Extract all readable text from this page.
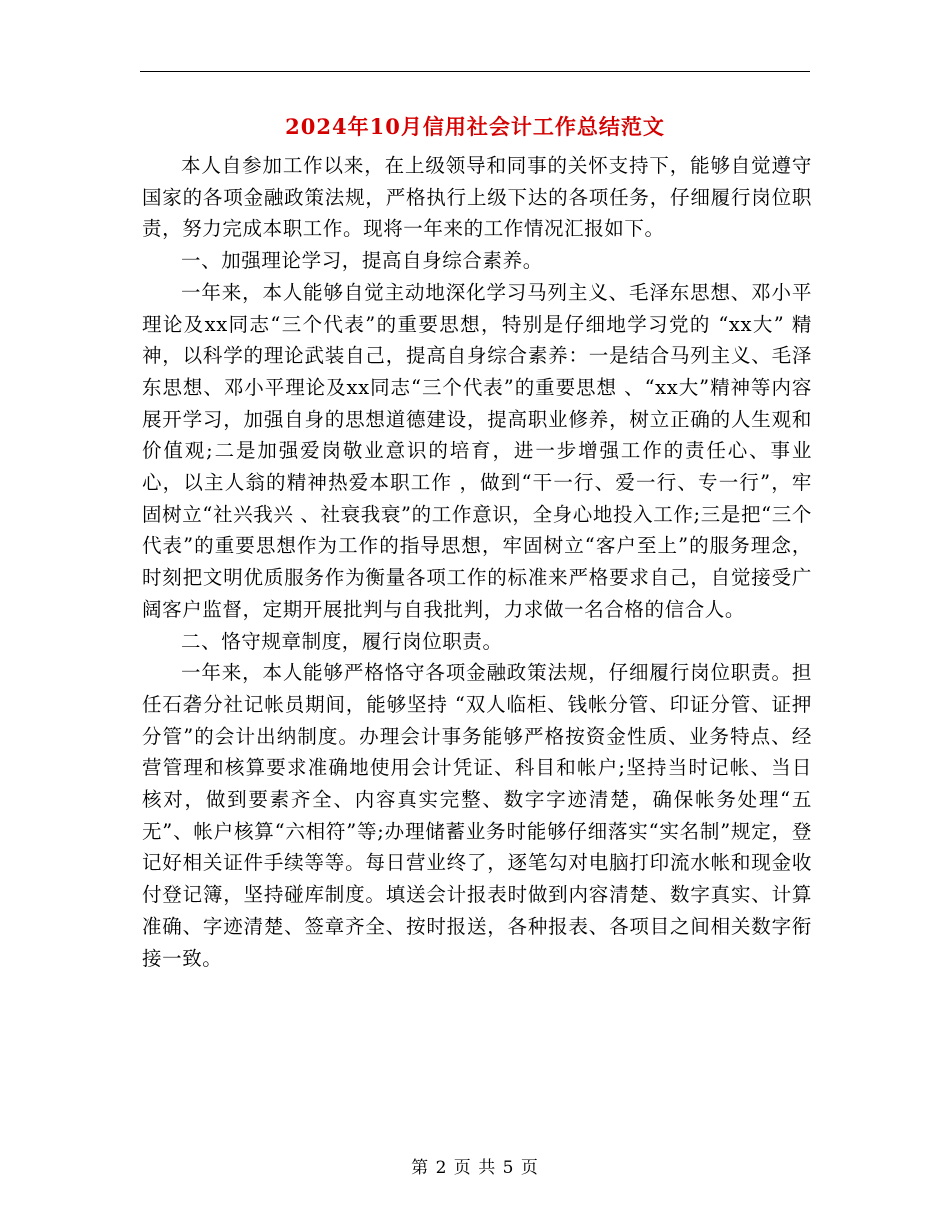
2024年10月信用社会计工作总结范文

本人自参加工作以来，在上级领导和同事的关怀支持下，能够自觉遵守国家的各项金融政策法规，严格执行上级下达的各项任务，仔细履行岗位职责，努力完成本职工作。现将一年来的工作情况汇报如下。

一、加强理论学习，提高自身综合素养。

一年来，本人能够自觉主动地深化学习马列主义、毛泽东思想、邓小平理论及xx同志“三个代表”的重要思想，特别是仔细地学习党的 “xx大” 精神，以科学的理论武装自己，提高自身综合素养：一是结合马列主义、毛泽东思想、邓小平理论及xx同志“三个代表”的重要思想 、“xx大”精神等内容展开学习，加强自身的思想道德建设，提高职业修养，树立正确的人生观和价值观;二是加强爱岗敬业意识的培育，进一步增强工作的责任心、事业心，以主人翁的精神热爱本职工作 ，做到“干一行、爱一行、专一行”，牢固树立“社兴我兴 、社衰我衰”的工作意识，全身心地投入工作;三是把“三个代表”的重要思想作为工作的指导思想，牢固树立“客户至上”的服务理念，时刻把文明优质服务作为衡量各项工作的标准来严格要求自己，自觉接受广阔客户监督，定期开展批判与自我批判，力求做一名合格的信合人。

二、恪守规章制度，履行岗位职责。

一年来，本人能够严格恪守各项金融政策法规，仔细履行岗位职责。担任石砻分社记帐员期间，能够坚持 “双人临柜、钱帐分管、印证分管、证押分管”的会计出纳制度。办理会计事务能够严格按资金性质、业务特点、经营管理和核算要求准确地使用会计凭证、科目和帐户;坚持当时记帐、当日核对，做到要素齐全、内容真实完整、数字字迹清楚，确保帐务处理“五无”、帐户核算“六相符”等;办理储蓄业务时能够仔细落实“实名制”规定，登记好相关证件手续等等。每日营业终了，逐笔勾对电脑打印流水帐和现金收付登记簿，坚持碰库制度。填送会计报表时做到内容清楚、数字真实、计算准确、字迹清楚、签章齐全、按时报送，各种报表、各项目之间相关数字衔接一致。

第 2 页 共 5 页
